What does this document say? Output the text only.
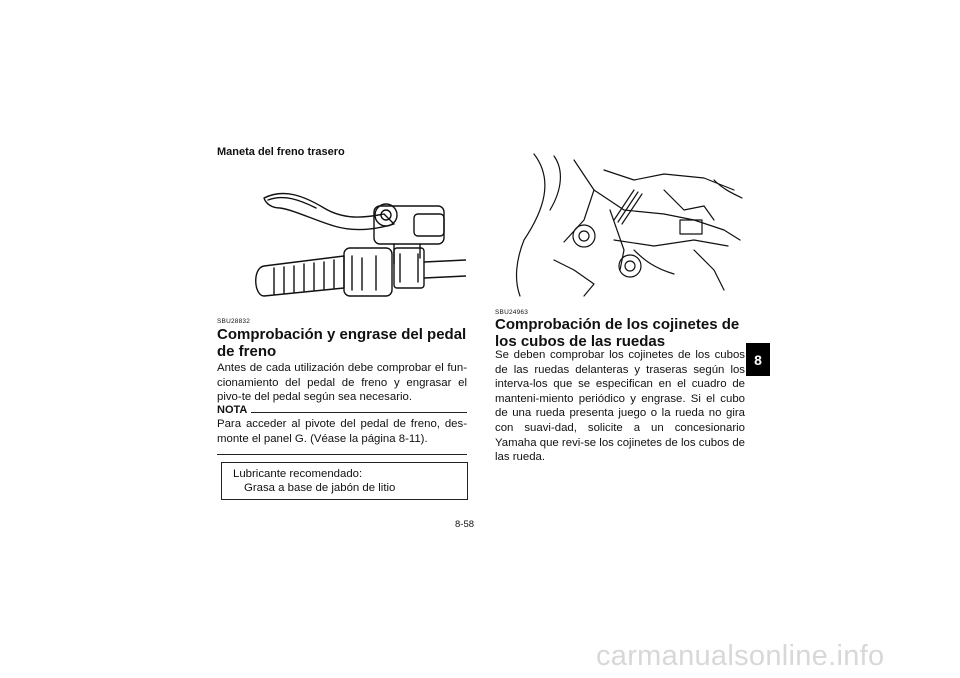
Maneta del freno trasero
SBU28832
Comprobación y engrase del pedal de freno
Antes de cada utilización debe comprobar el fun-cionamiento del pedal de freno y engrasar el pivo-te del pedal según sea necesario.
NOTA
Para acceder al pivote del pedal de freno, des-monte el panel G. (Véase la página 8-11).
Lubricante recomendado:
Grasa a base de jabón de litio
SBU24963
Comprobación de los cojinetes de los cubos de las ruedas
Se deben comprobar los cojinetes de los cubos de las ruedas delanteras y traseras según los interva-los que se especifican en el cuadro de manteni-miento periódico y engrase. Si el cubo de una rueda presenta juego o la rueda no gira con suavi-dad, solicite a un concesionario Yamaha que revi-se los cojinetes de los cubos de las rueda.
8
8-58
carmanualsonline.info
